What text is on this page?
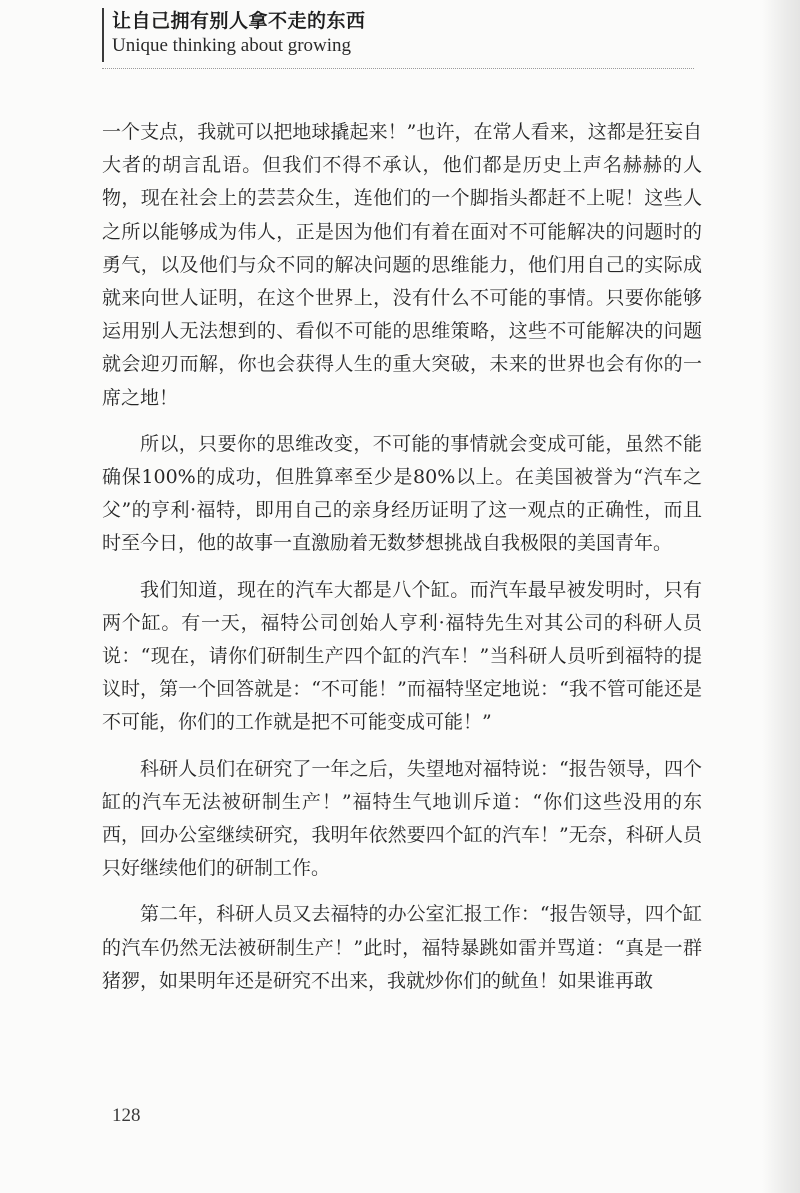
让自己拥有别人拿不走的东西
Unique thinking about growing

一个支点，我就可以把地球撬起来！”也许，在常人看来，这都是狂妄自大者的胡言乱语。但我们不得不承认，他们都是历史上声名赫赫的人物，现在社会上的芸芸众生，连他们的一个脚指头都赶不上呢！这些人之所以能够成为伟人，正是因为他们有着在面对不可能解决的问题时的勇气，以及他们与众不同的解决问题的思维能力，他们用自己的实际成就来向世人证明，在这个世界上，没有什么不可能的事情。只要你能够运用别人无法想到的、看似不可能的思维策略，这些不可能解决的问题就会迎刃而解，你也会获得人生的重大突破，未来的世界也会有你的一席之地！

所以，只要你的思维改变，不可能的事情就会变成可能，虽然不能确保100%的成功，但胜算率至少是80%以上。在美国被誉为“汽车之父”的亨利·福特，即用自己的亲身经历证明了这一观点的正确性，而且时至今日，他的故事一直激励着无数梦想挑战自我极限的美国青年。

我们知道，现在的汽车大都是八个缸。而汽车最早被发明时，只有两个缸。有一天，福特公司创始人亨利·福特先生对其公司的科研人员说：“现在，请你们研制生产四个缸的汽车！”当科研人员听到福特的提议时，第一个回答就是：“不可能！”而福特坚定地说：“我不管可能还是不可能，你们的工作就是把不可能变成可能！”

科研人员们在研究了一年之后，失望地对福特说：“报告领导，四个缸的汽车无法被研制生产！”福特生气地训斥道：“你们这些没用的东西，回办公室继续研究，我明年依然要四个缸的汽车！”无奈，科研人员只好继续他们的研制工作。

第二年，科研人员又去福特的办公室汇报工作：“报告领导，四个缸的汽车仍然无法被研制生产！”此时，福特暴跳如雷并骂道：“真是一群猪猡，如果明年还是研究不出来，我就炒你们的鱿鱼！如果谁再敢

128
